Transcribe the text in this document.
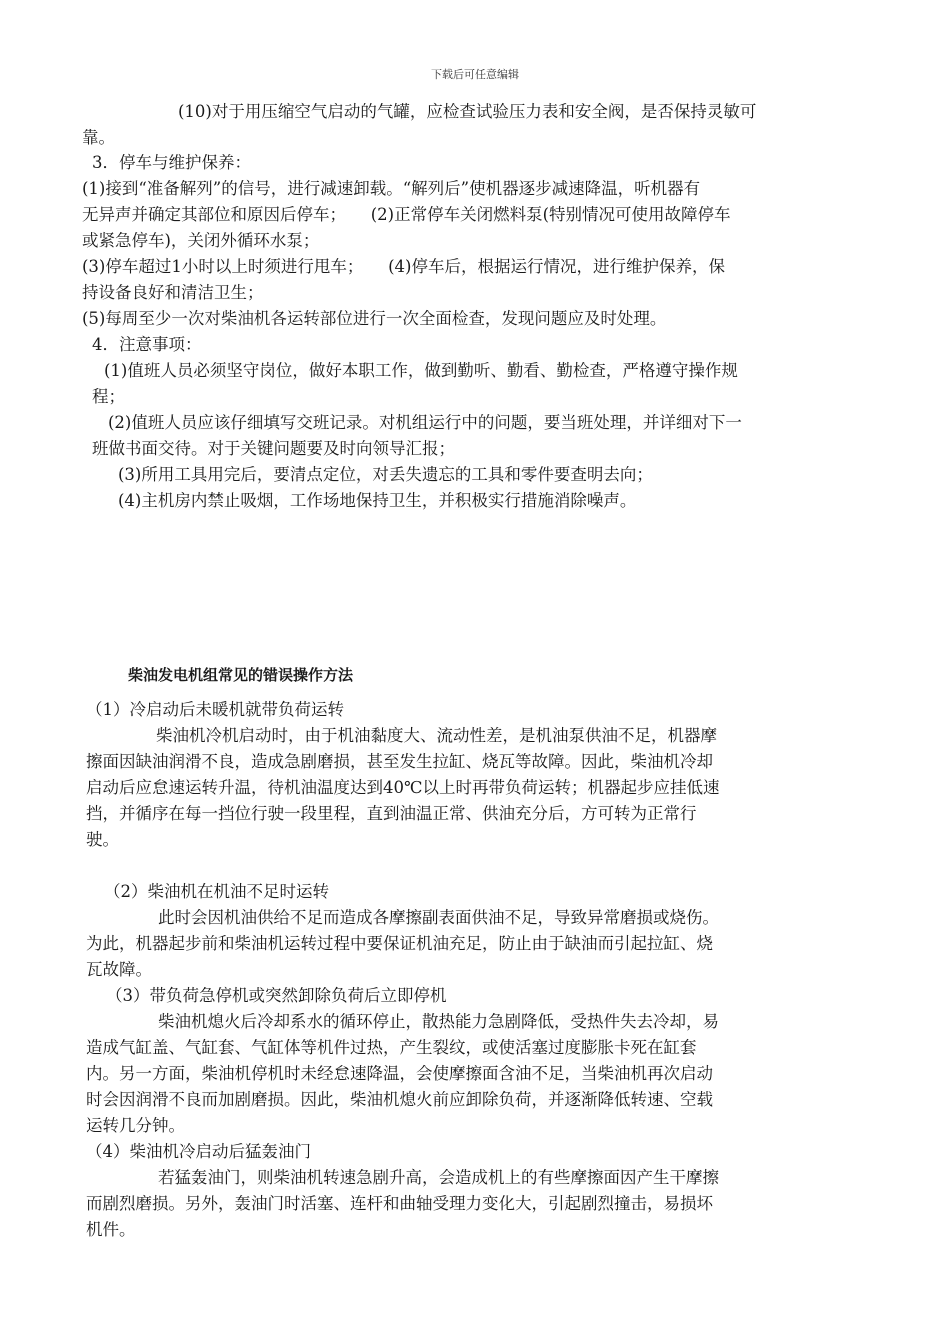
下载后可任意编辑

(10)对于用压缩空气启动的气罐，应检查试验压力表和安全阀，是否保持灵敏可

靠。

3．停车与维护保养：

(1)接到“准备解列”的信号，进行减速卸载。“解列后”使机器逐步减速降温，听机器有

无异声并确定其部位和原因后停车；　　(2)正常停车关闭燃料泵(特别情况可使用故障停车

或紧急停车)，关闭外循环水泵；

(3)停车超过1小时以上时须进行甩车；　　(4)停车后，根据运行情况，进行维护保养，保

持设备良好和清洁卫生；

(5)每周至少一次对柴油机各运转部位进行一次全面检查，发现问题应及时处理。

4．注意事项：

(1)值班人员必须坚守岗位，做好本职工作，做到勤听、勤看、勤检查，严格遵守操作规

程；

(2)值班人员应该仔细填写交班记录。对机组运行中的问题，要当班处理，并详细对下一

班做书面交待。对于关键问题要及时向领导汇报；

(3)所用工具用完后，要清点定位，对丢失遗忘的工具和零件要查明去向；

(4)主机房内禁止吸烟，工作场地保持卫生，并积极实行措施消除噪声。

柴油发电机组常见的错误操作方法

（1）冷启动后未暖机就带负荷运转

柴油机冷机启动时，由于机油黏度大、流动性差，是机油泵供油不足，机器摩

擦面因缺油润滑不良，造成急剧磨损，甚至发生拉缸、烧瓦等故障。因此，柴油机冷却

启动后应怠速运转升温，待机油温度达到40℃以上时再带负荷运转；机器起步应挂低速

挡，并循序在每一挡位行驶一段里程，直到油温正常、供油充分后，方可转为正常行

驶。

（2）柴油机在机油不足时运转

此时会因机油供给不足而造成各摩擦副表面供油不足，导致异常磨损或烧伤。

为此，机器起步前和柴油机运转过程中要保证机油充足，防止由于缺油而引起拉缸、烧

瓦故障。

（3）带负荷急停机或突然卸除负荷后立即停机

柴油机熄火后冷却系水的循环停止，散热能力急剧降低，受热件失去冷却，易

造成气缸盖、气缸套、气缸体等机件过热，产生裂纹，或使活塞过度膨胀卡死在缸套

内。另一方面，柴油机停机时未经怠速降温，会使摩擦面含油不足，当柴油机再次启动

时会因润滑不良而加剧磨损。因此，柴油机熄火前应卸除负荷，并逐渐降低转速、空载

运转几分钟。

（4）柴油机冷启动后猛轰油门

若猛轰油门，则柴油机转速急剧升高，会造成机上的有些摩擦面因产生干摩擦

而剧烈磨损。另外，轰油门时活塞、连杆和曲轴受理力变化大，引起剧烈撞击，易损坏

机件。
